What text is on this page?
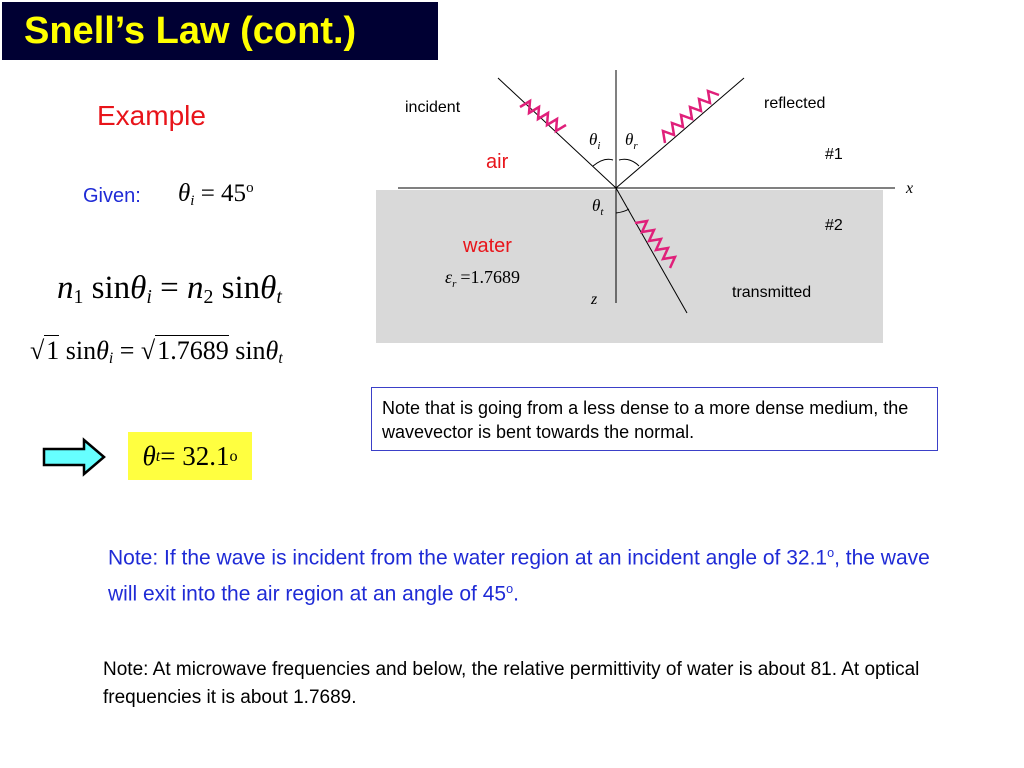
Snell’s Law (cont.)
Example
Given: $\theta_i = 45^o$
$n_1$ $\sin\theta_i = n_2$ sinθ$_t$
√1 sinθ$_i$ = √1.7689 sinθ$_t$
θ t = 32.1 o
incident	reflected
transmitted
air
water
#1
#2
x
z
$\theta_i$ $\theta_r$
$\theta_t$
$\varepsilon_r =1.7689$
Note that is going from a less dense to a more dense medium, the wavevector is bent towards the normal.
Note: If the wave is incident from the water region at an incident angle of 32.1$^o$, the wave will exit into the air region at an angle of 45$^o$.
Note: At microwave frequencies and below, the relative permittivity of water is about 81. At optical frequencies it is about 1.7689.
